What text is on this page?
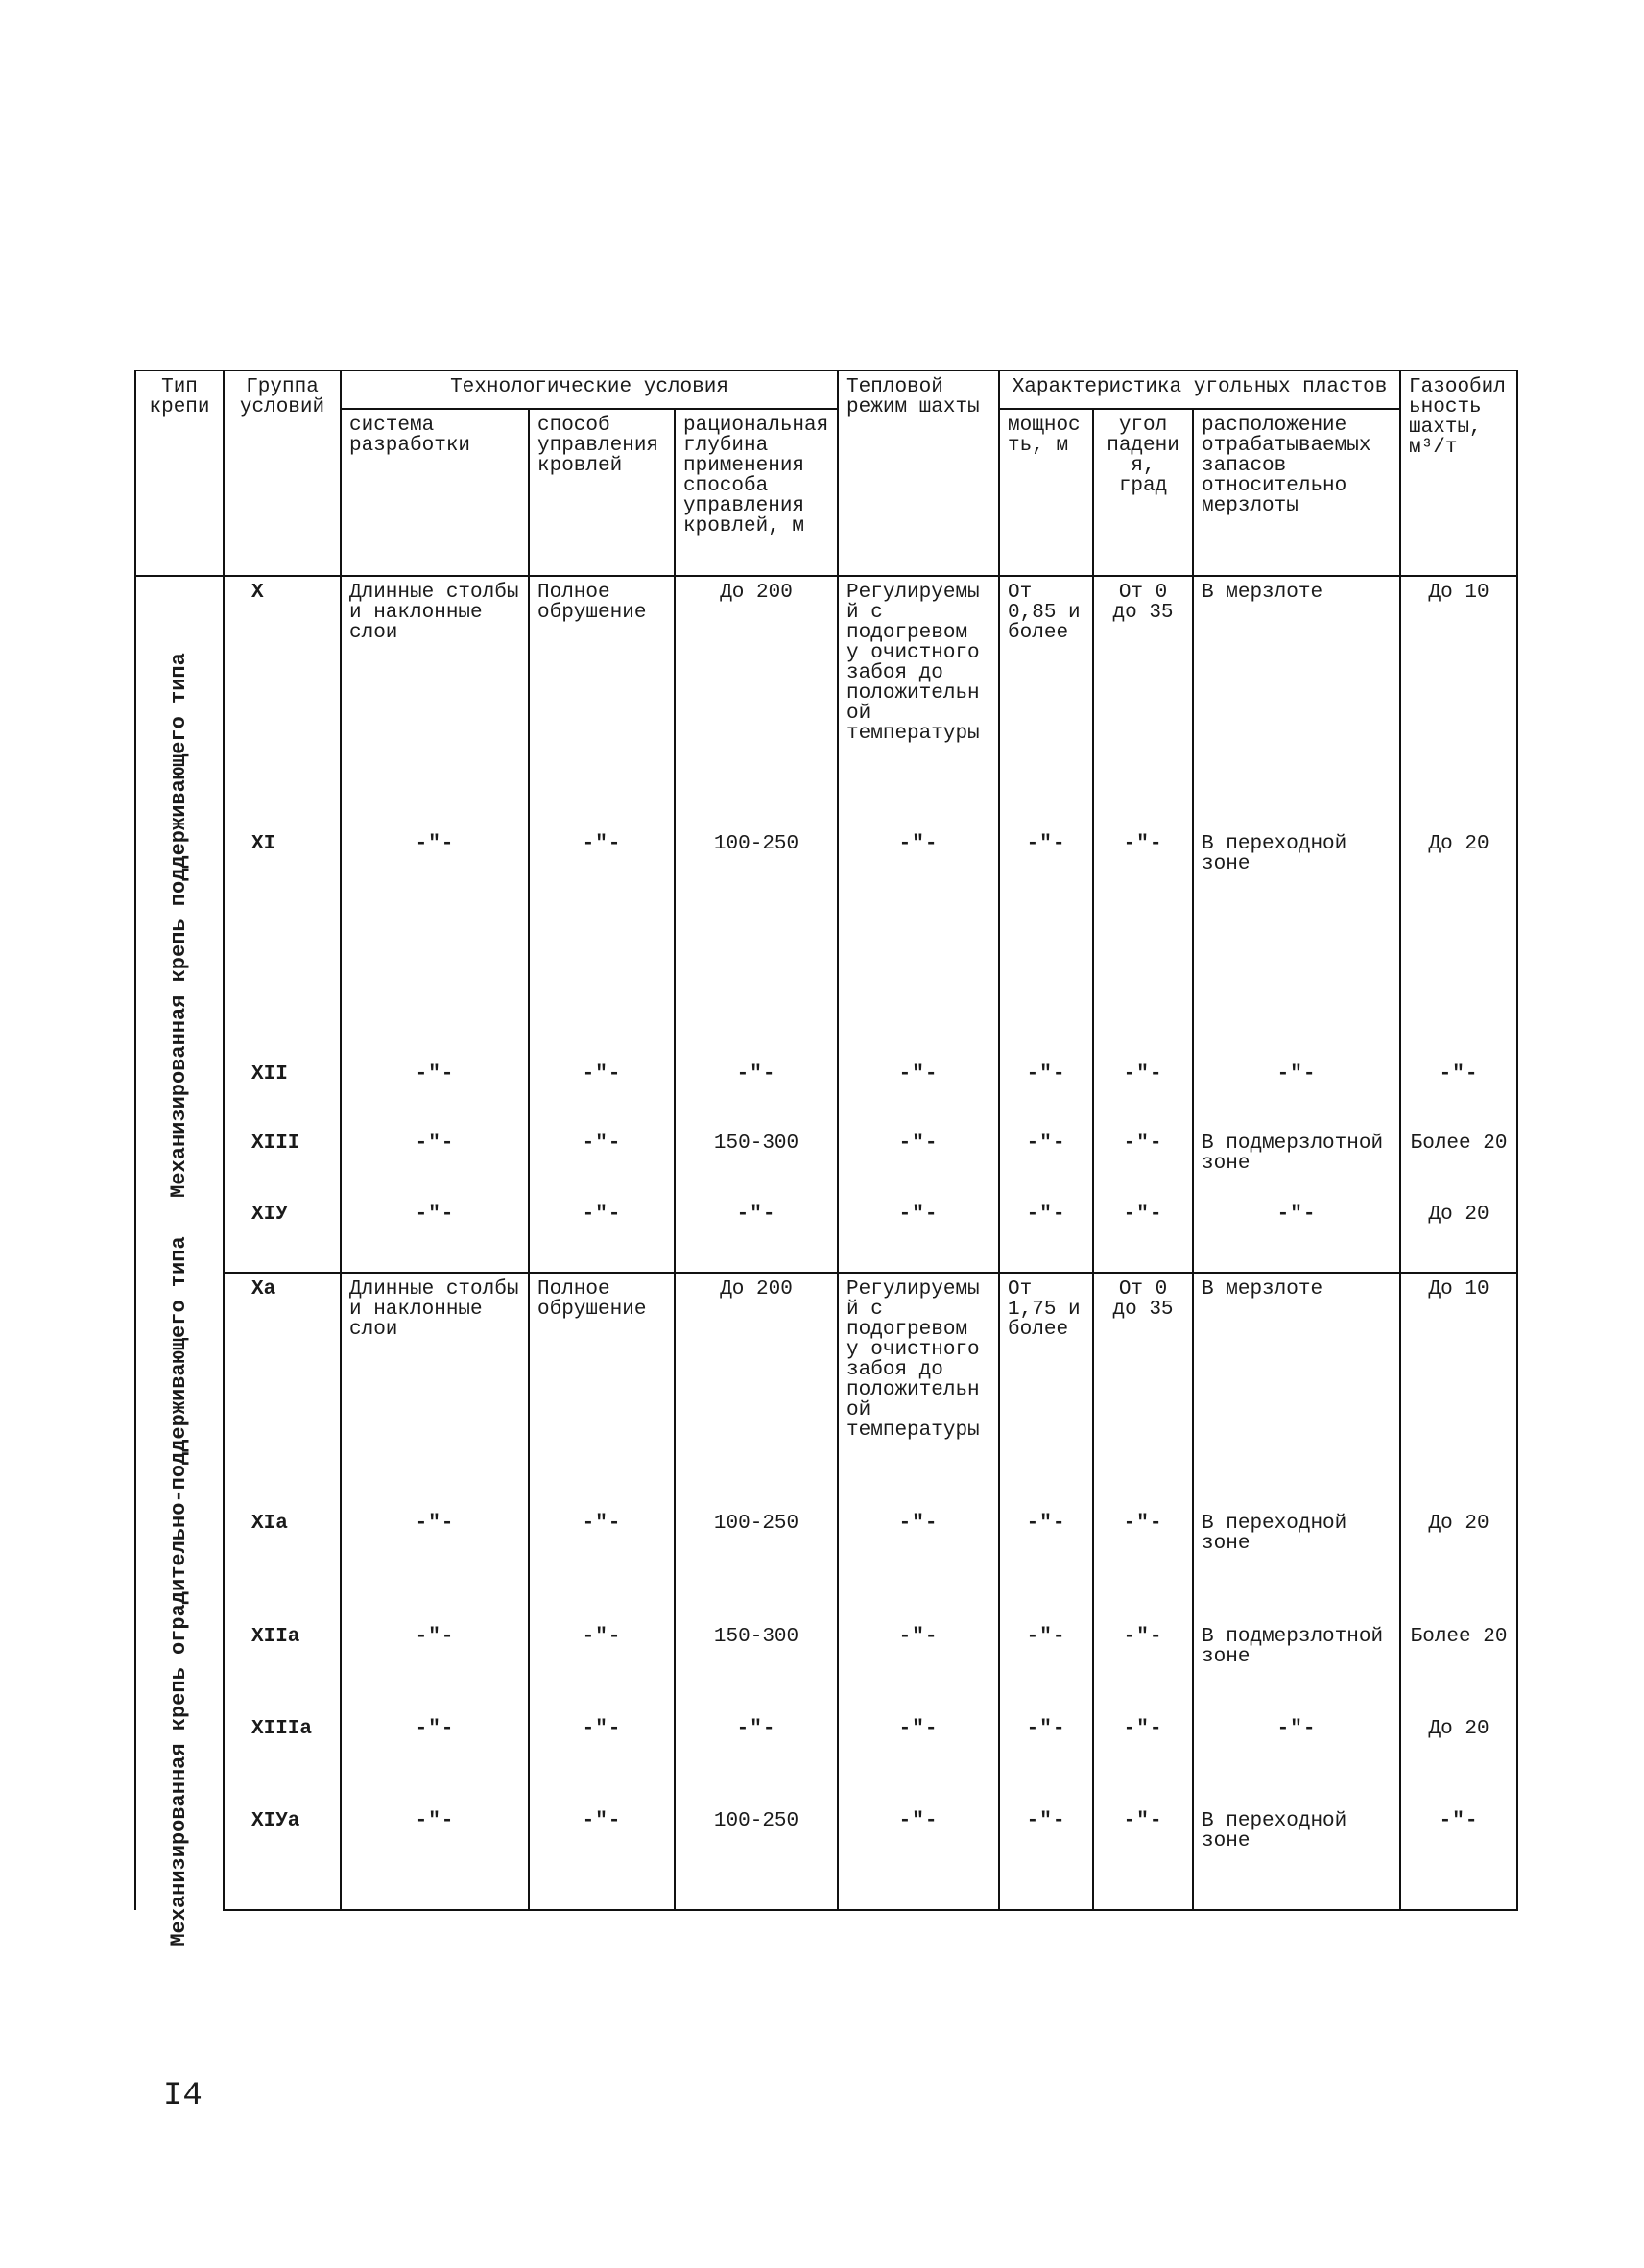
Тип крепи	Группа условий	Технологические условия			Тепловой режим шахты	Характеристика угольных пластов			Газообильность шахты, м³/т
		система разработки	способ управления кровлей	рациональная глубина применения способа управления кровлей, м		мощность, м	угол падения, град	расположение отрабатываемых запасов относительно мерзлоты	

Механизированная крепь поддерживающего типа	X	Длинные столбы и наклонные слои	Полное обрушение	До 200	Регулируемый с подогревом у очистного забоя до положительной температуры	От 0,85 и более	От 0 до 35	В мерзлоте	До 10
	XI	-"-	-"-	100-250	-"-	-"-	-"-	В переходной зоне	До 20
	XII	-"-	-"-	-"-	-"-	-"-	-"-	-"-	-"-
	XIII	-"-	-"-	150-300	-"-	-"-	-"-	В подмерзлотной зоне	Более 20
	XIУ	-"-	-"-	-"-	-"-	-"-	-"-	-"-	До 20

Механизированная крепь оградительно-поддерживающего типа	Xа	Длинные столбы и наклонные слои	Полное обрушение	До 200	Регулируемый с подогревом у очистного забоя до положительной температуры	От 1,75 и более	От 0 до 35	В мерзлоте	До 10
	XIа	-"-	-"-	100-250	-"-	-"-	-"-	В переходной зоне	До 20
	XIIа	-"-	-"-	150-300	-"-	-"-	-"-	В подмерзлотной зоне	Более 20
	XIIIа	-"-	-"-	-"-	-"-	-"-	-"-	-"-	До 20
	XIУа	-"-	-"-	100-250	-"-	-"-	-"-	В переходной зоне	-"-
I4
